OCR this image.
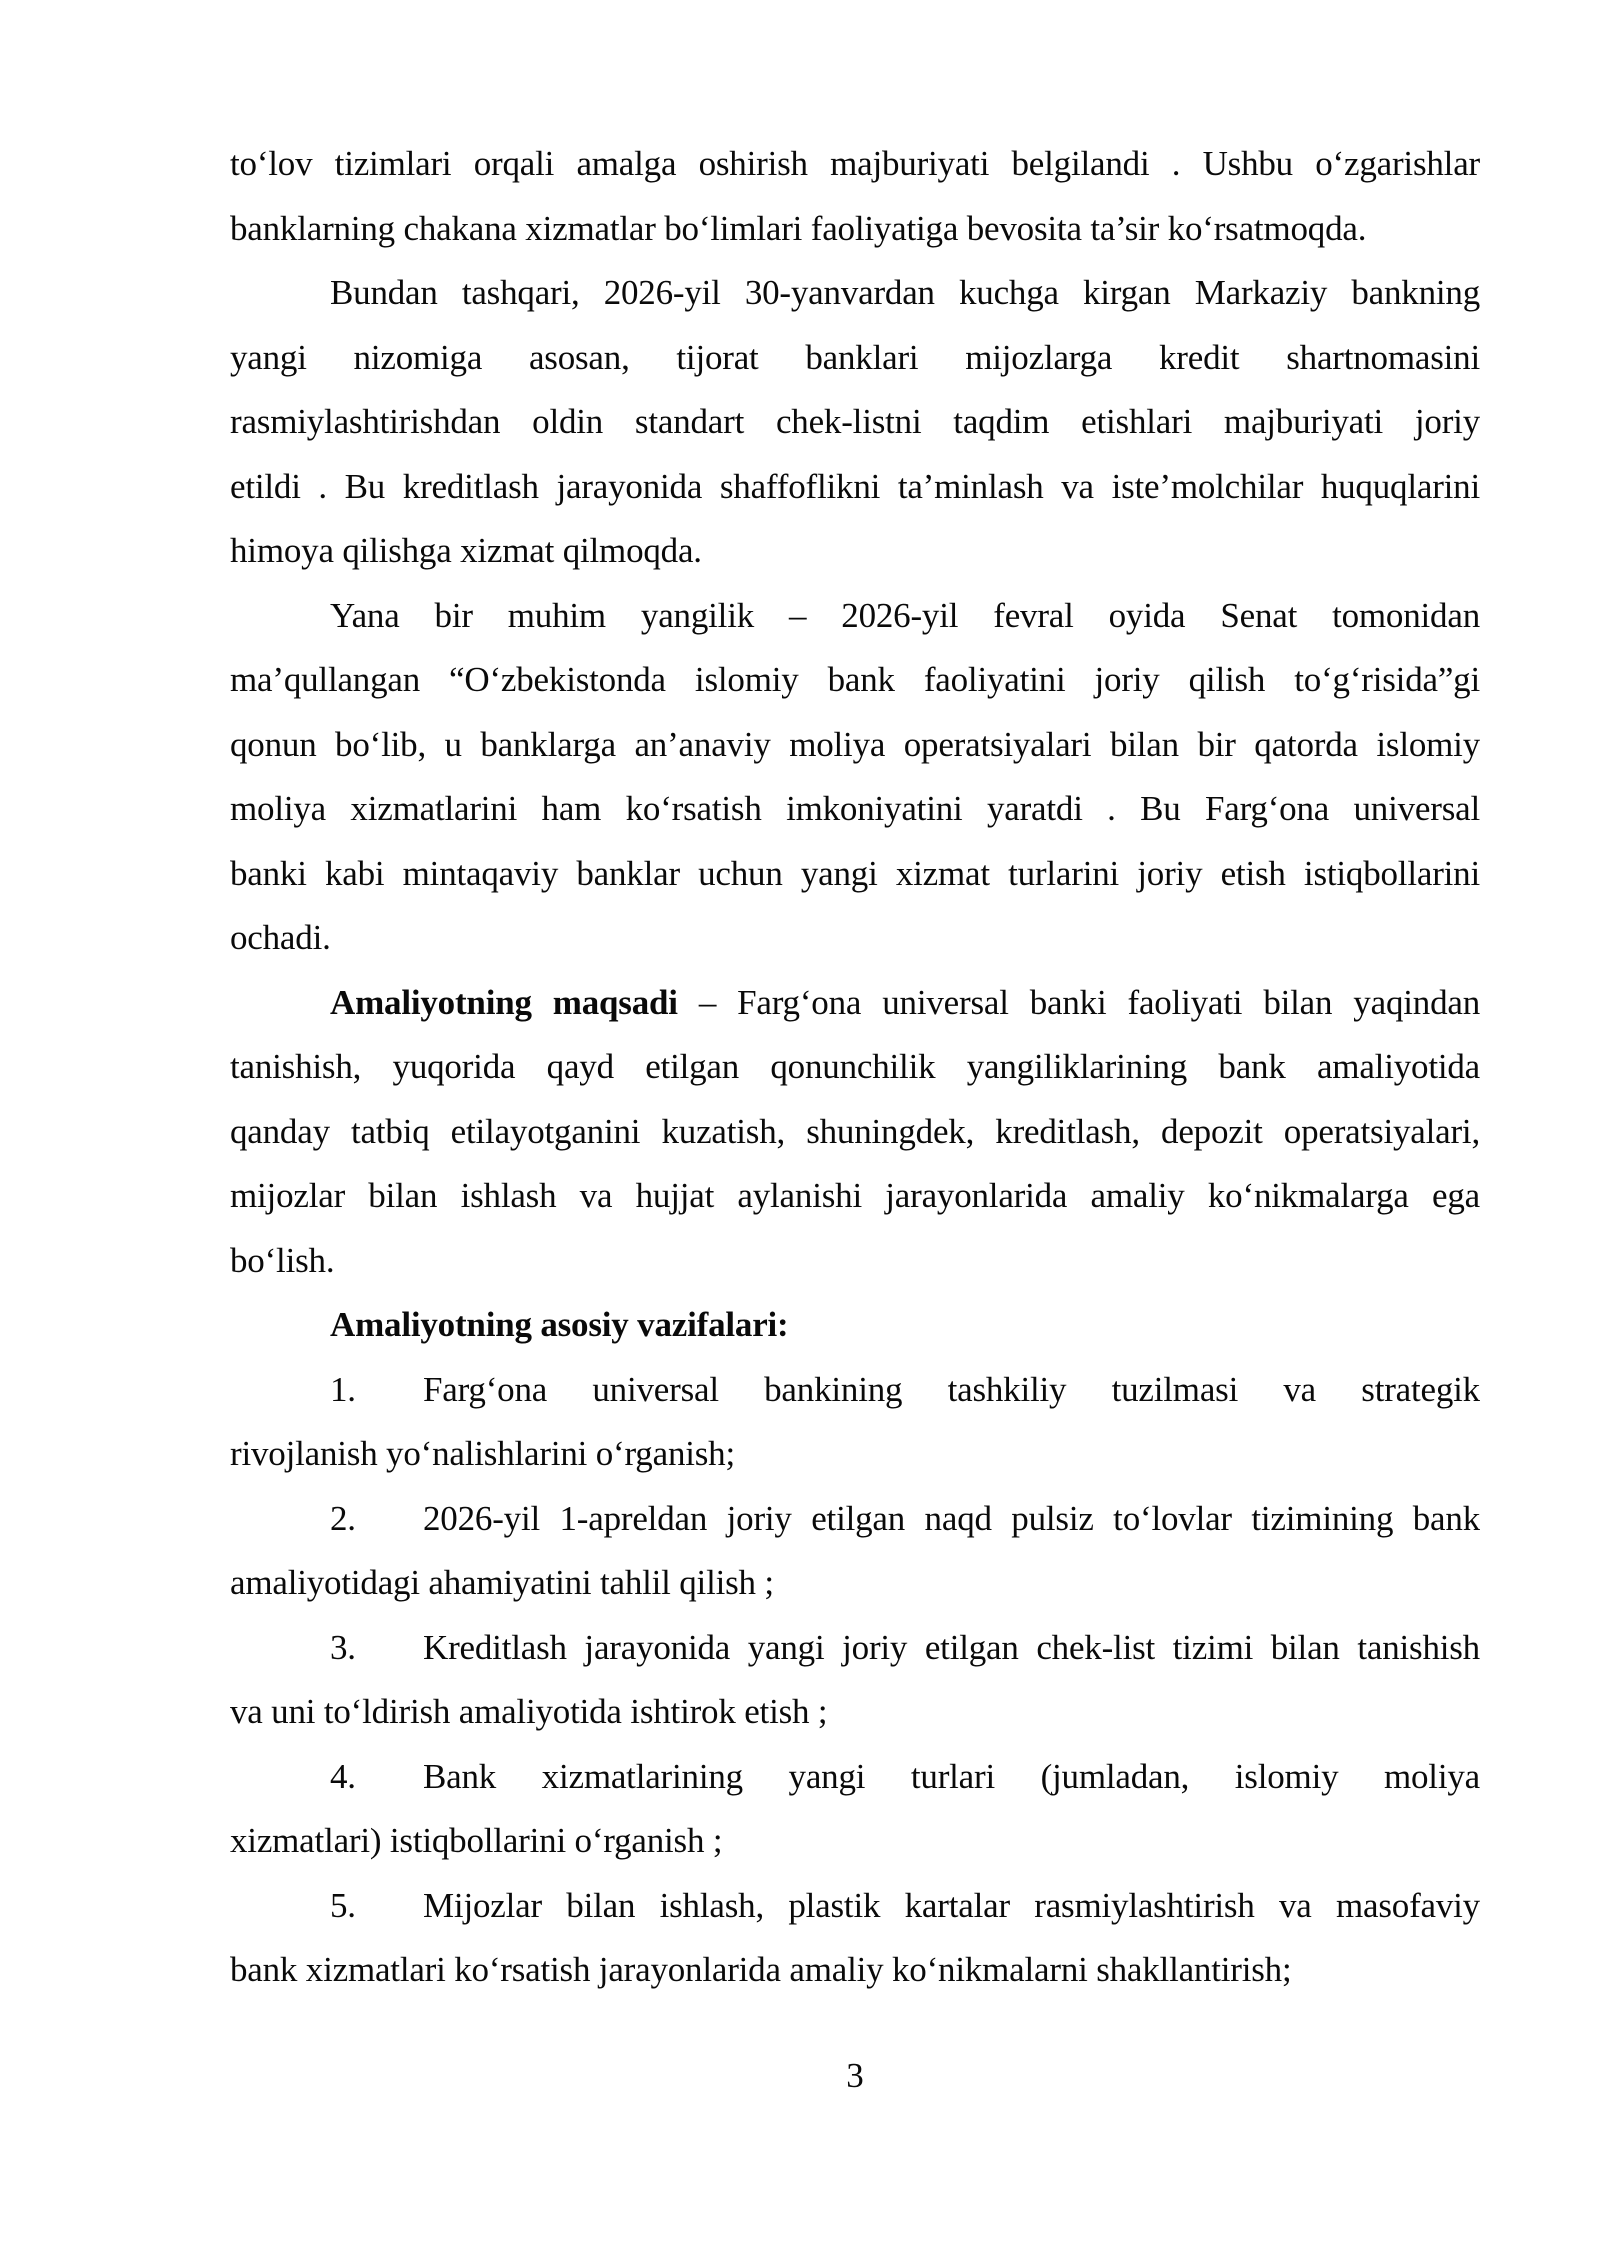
to‘lov tizimlari orqali amalga oshirish majburiyati belgilandi . Ushbu o‘zgarishlar
banklarning chakana xizmatlar bo‘limlari faoliyatiga bevosita ta’sir ko‘rsatmoqda.
Bundan tashqari, 2026-yil 30-yanvardan kuchga kirgan Markaziy bankning
yangi nizomiga asosan, tijorat banklari mijozlarga kredit shartnomasini
rasmiylashtirishdan oldin standart chek-listni taqdim etishlari majburiyati joriy
etildi . Bu kreditlash jarayonida shaffoflikni ta’minlash va iste’molchilar huquqlarini
himoya qilishga xizmat qilmoqda.
Yana bir muhim yangilik – 2026-yil fevral oyida Senat tomonidan
ma’qullangan “O‘zbekistonda islomiy bank faoliyatini joriy qilish to‘g‘risida”gi
qonun bo‘lib, u banklarga an’anaviy moliya operatsiyalari bilan bir qatorda islomiy
moliya xizmatlarini ham ko‘rsatish imkoniyatini yaratdi . Bu Farg‘ona universal
banki kabi mintaqaviy banklar uchun yangi xizmat turlarini joriy etish istiqbollarini
ochadi.
Amaliyotning maqsadi – Farg‘ona universal banki faoliyati bilan yaqindan
tanishish, yuqorida qayd etilgan qonunchilik yangiliklarining bank amaliyotida
qanday tatbiq etilayotganini kuzatish, shuningdek, kreditlash, depozit operatsiyalari,
mijozlar bilan ishlash va hujjat aylanishi jarayonlarida amaliy ko‘nikmalarga ega
bo‘lish.
Amaliyotning asosiy vazifalari:
1. Farg‘ona universal bankining tashkiliy tuzilmasi va strategik
rivojlanish yo‘nalishlarini o‘rganish;
2. 2026-yil 1-apreldan joriy etilgan naqd pulsiz to‘lovlar tizimining bank
amaliyotidagi ahamiyatini tahlil qilish ;
3. Kreditlash jarayonida yangi joriy etilgan chek-list tizimi bilan tanishish
va uni to‘ldirish amaliyotida ishtirok etish ;
4. Bank xizmatlarining yangi turlari (jumladan, islomiy moliya
xizmatlari) istiqbollarini o‘rganish ;
5. Mijozlar bilan ishlash, plastik kartalar rasmiylashtirish va masofaviy
bank xizmatlari ko‘rsatish jarayonlarida amaliy ko‘nikmalarni shakllantirish;
3
